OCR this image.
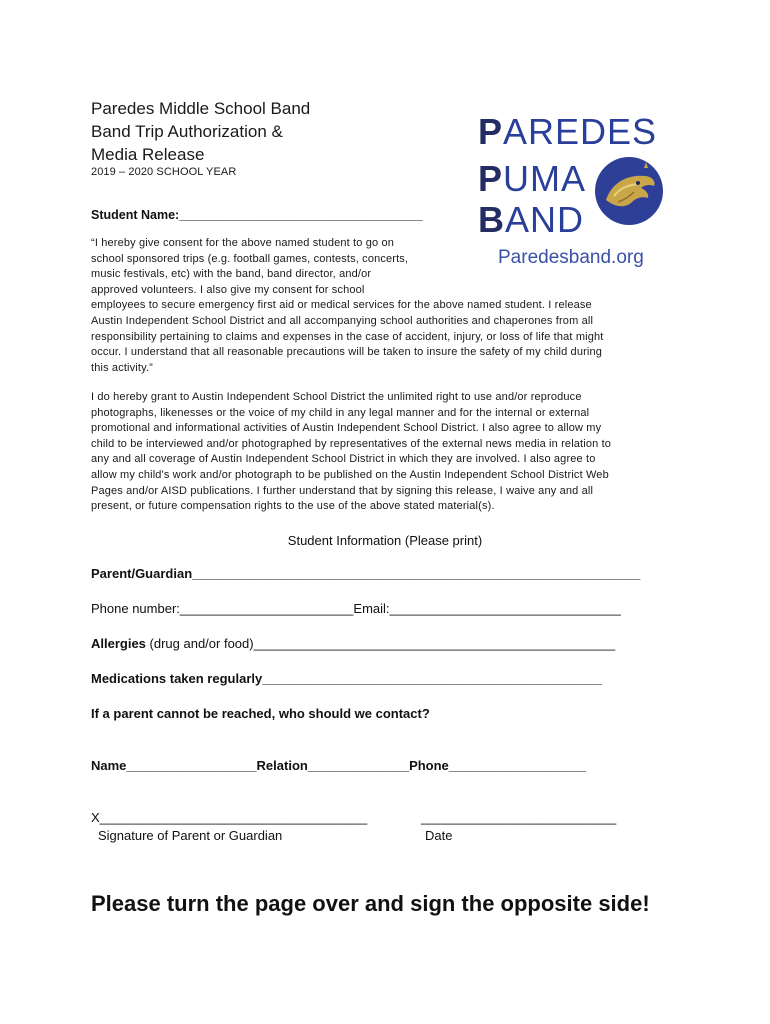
Paredes Middle School Band
Band Trip Authorization &
Media Release
2019 – 2020 SCHOOL YEAR
PAREDES
PUMA
BAND
Paredesband.org
Student Name:___________________________________
“I hereby give consent for the above named student to go on
school sponsored trips (e.g. football games, contests, concerts,
music festivals, etc) with the band, band director, and/or
approved volunteers. I also give my consent for school
employees to secure emergency first aid or medical services for the above named student. I release
Austin Independent School District and all accompanying school authorities and chaperones from all
responsibility pertaining to claims and expenses in the case of accident, injury, or loss of life that might
occur. I understand that all reasonable precautions will be taken to insure the safety of my child during
this activity.”
I do hereby grant to Austin Independent School District the unlimited right to use and/or reproduce
photographs, likenesses or the voice of my child in any legal manner and for the internal or external
promotional and informational activities of Austin Independent School District. I also agree to allow my
child to be interviewed and/or photographed by representatives of the external news media in relation to
any and all coverage of Austin Independent School District in which they are involved. I also agree to
allow my child's work and/or photograph to be published on the Austin Independent School District Web
Pages and/or AISD publications. I further understand that by signing this release, I waive any and all
present, or future compensation rights to the use of the above stated material(s).
Student Information (Please print)
Parent/Guardian______________________________________________________________
Phone number:________________________Email:________________________________
Allergies (drug and/or food)__________________________________________________
Medications taken regularly_______________________________________________
If a parent cannot be reached, who should we contact?
Name__________________Relation______________Phone___________________
X_____________________________________	___________________________
Signature of Parent or Guardian	Date
Please turn the page over and sign the opposite side!
